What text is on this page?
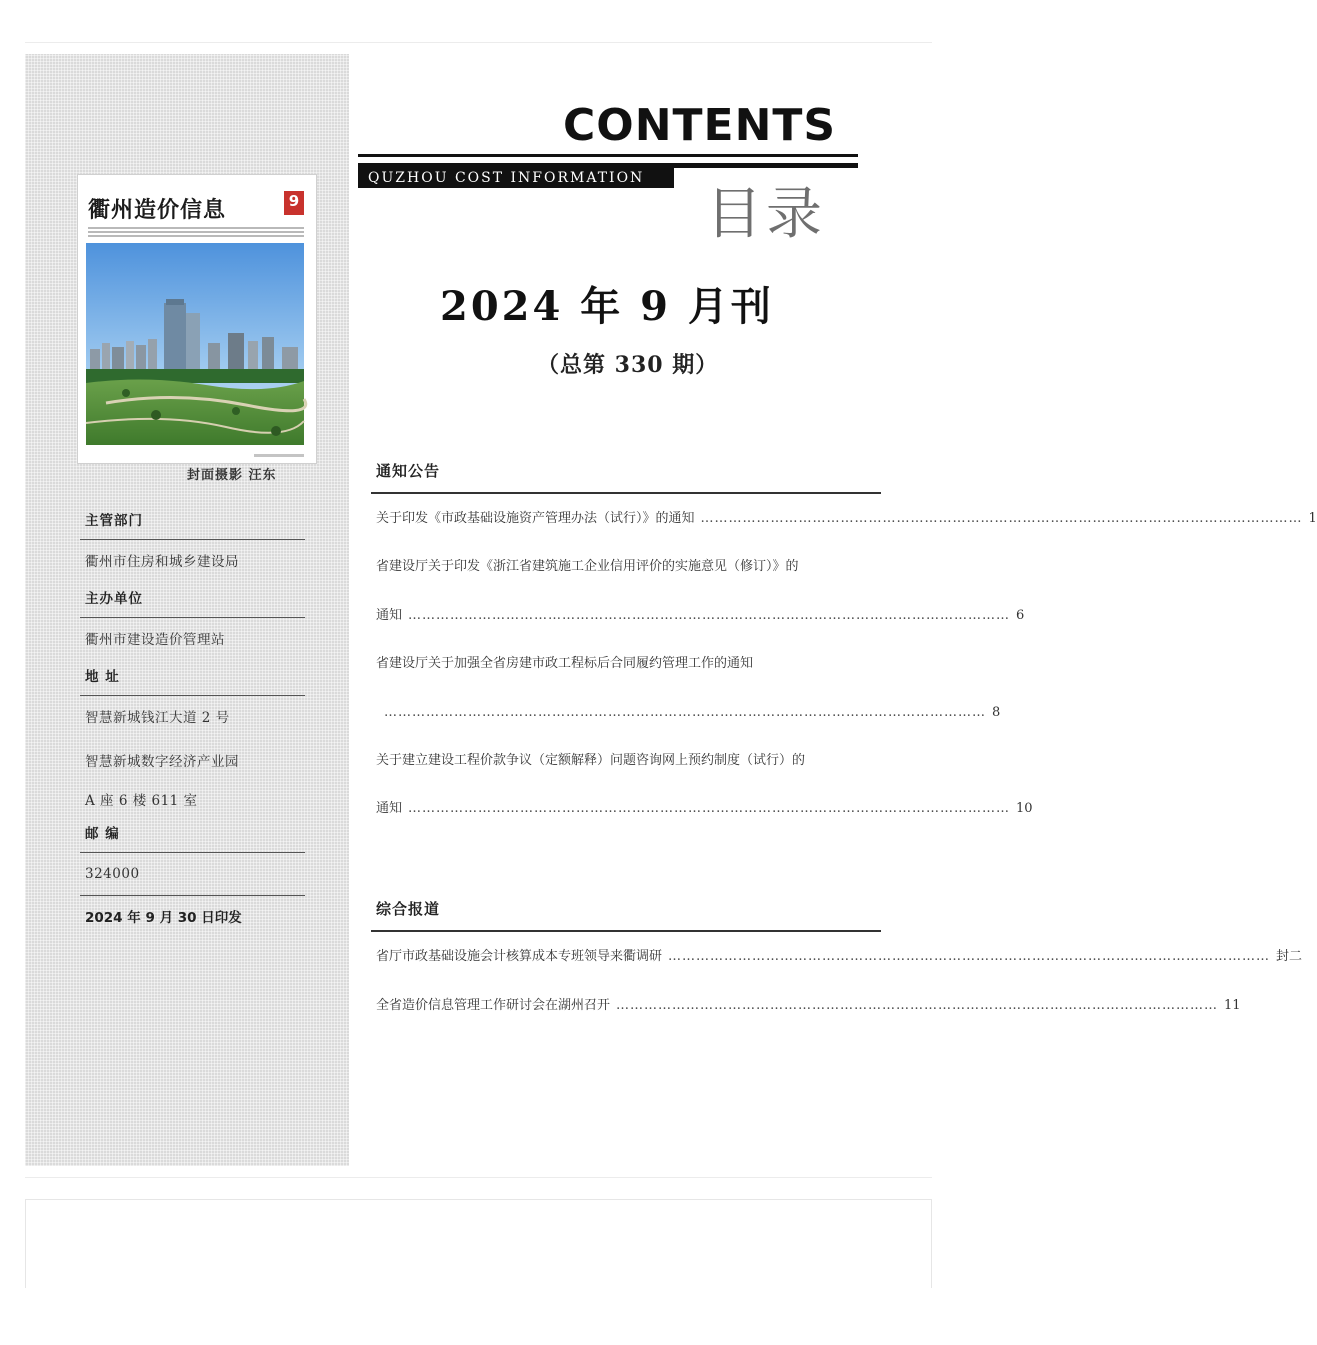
衢州造价信息	9
封面摄影 汪东
主管部门
衢州市住房和城乡建设局
主办单位
衢州市建设造价管理站
地 址
智慧新城钱江大道 2 号
智慧新城数字经济产业园
A 座 6 楼 611 室
邮 编
324000
2024 年 9 月 30 日印发
CONTENTS
QUZHOU COST INFORMATION
目录
2024 年 9 月刊
（总第 330 期）
通知公告
关于印发《市政基础设施资产管理办法（试行）》的通知 ………………………………………………………………………………………………………………… 1
省建设厅关于印发《浙江省建筑施工企业信用评价的实施意见（修订）》的
通知 ………………………………………………………………………………………………………………… 6
省建设厅关于加强全省房建市政工程标后合同履约管理工作的通知
………………………………………………………………………………………………………………… 8
关于建立建设工程价款争议（定额解释）问题咨询网上预约制度（试行）的
通知 ………………………………………………………………………………………………………………… 10
综合报道
省厅市政基础设施会计核算成本专班领导来衢调研 ………………………………………………………………………………………………………………… 封二
全省造价信息管理工作研讨会在湖州召开 ………………………………………………………………………………………………………………… 11
